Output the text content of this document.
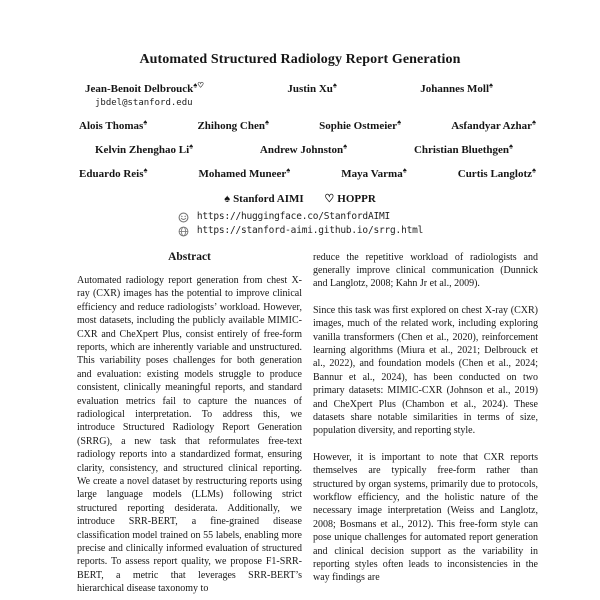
Automated Structured Radiology Report Generation
Jean-Benoit Delbrouck♠♡
jbdel@stanford.edu
Justin Xu♠	Johannes Moll♠
Alois Thomas♠	Zhihong Chen♠	Sophie Ostmeier♠	Asfandyar Azhar♠
Kelvin Zhenghao Li♠	Andrew Johnston♠	Christian Bluethgen♠
Eduardo Reis♠	Mohamed Muneer♠	Maya Varma♠	Curtis Langlotz♠
♠ Stanford AIMI ♡ HOPPR
https://huggingface.co/StanfordAIMI
https://stanford-aimi.github.io/srrg.html
Abstract

Automated radiology report generation from chest X-ray (CXR) images has the potential to improve clinical efficiency and reduce radiologists’ workload. However, most datasets, including the publicly available MIMIC-CXR and CheXpert Plus, consist entirely of free-form reports, which are inherently variable and unstructured. This variability poses challenges for both generation and evaluation: existing models struggle to produce consistent, clinically meaningful reports, and standard evaluation metrics fail to capture the nuances of radiological interpretation. To address this, we introduce Structured Radiology Report Generation (SRRG), a new task that reformulates free-text radiology reports into a standardized format, ensuring clarity, consistency, and structured clinical reporting. We create a novel dataset by restructuring reports using large language models (LLMs) following strict structured reporting desiderata. Additionally, we introduce SRR-BERT, a fine-grained disease classification model trained on 55 labels, enabling more precise and clinically informed evaluation of structured reports. To assess report quality, we propose F1-SRR-BERT, a metric that leverages SRR-BERT’s hierarchical disease taxonomy to

reduce the repetitive workload of radiologists and generally improve clinical communication (Dunnick and Langlotz, 2008; Kahn Jr et al., 2009).

Since this task was first explored on chest X-ray (CXR) images, much of the related work, including exploring vanilla transformers (Chen et al., 2020), reinforcement learning algorithms (Miura et al., 2021; Delbrouck et al., 2022), and foundation models (Chen et al., 2024; Bannur et al., 2024), has been conducted on two primary datasets: MIMIC-CXR (Johnson et al., 2019) and CheXpert Plus (Chambon et al., 2024). These datasets share notable similarities in terms of size, population diversity, and reporting style.

However, it is important to note that CXR reports themselves are typically free-form rather than structured by organ systems, primarily due to protocols, workflow efficiency, and the holistic nature of the necessary image interpretation (Weiss and Langlotz, 2008; Bosmans et al., 2012). This free-form style can pose unique challenges for automated report generation and clinical decision support as the variability in reporting styles often leads to inconsistencies in the way findings are
